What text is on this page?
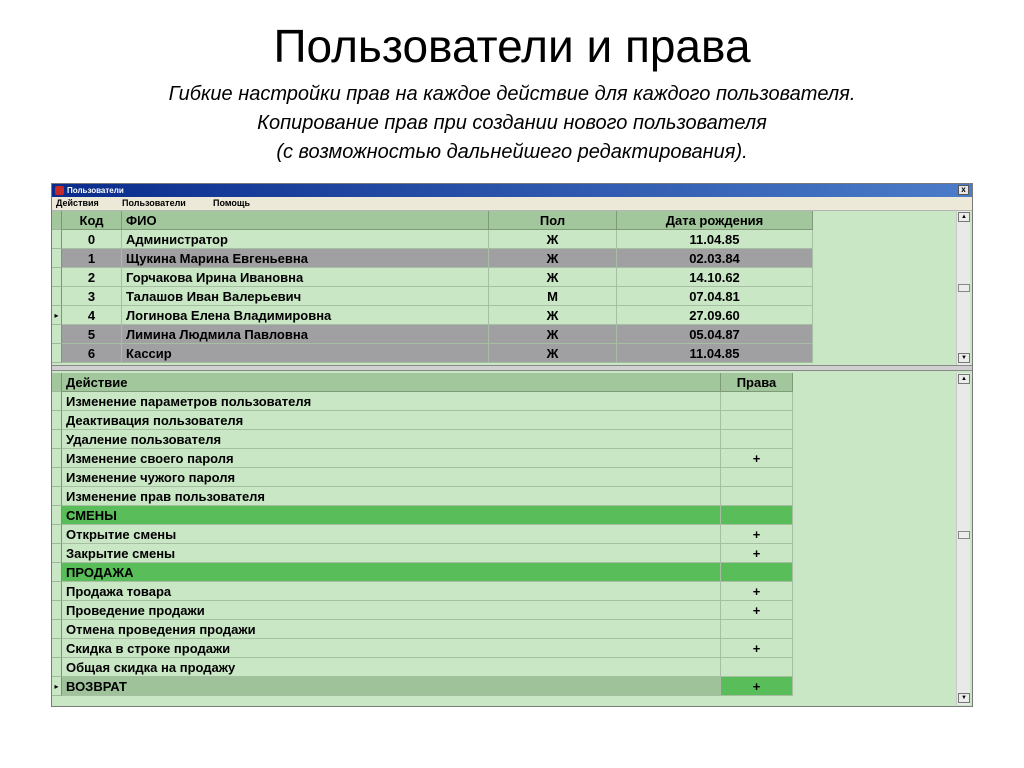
Пользователи и права
Гибкие настройки прав на каждое действие для каждого пользователя.
Копирование прав при создании нового пользователя
(с возможностью дальнейшего редактирования).
Пользователи	x
Действия	Пользователи	Помощь
Код	ФИО	Пол	Дата рождения
0	Администратор	Ж	11.04.85
1	Щукина Марина Евгеньевна	Ж	02.03.84
2	Горчакова Ирина Ивановна	Ж	14.10.62
3	Талашов Иван Валерьевич	М	07.04.81
▸	4	Логинова Елена Владимировна	Ж	27.09.60
5	Лимина Людмила Павловна	Ж	05.04.87
6	Кассир	Ж	11.04.85
▲
▼
Действие	Права
Изменение параметров пользователя
Деактивация пользователя
Удаление пользователя
Изменение своего пароля	+
Изменение чужого пароля
Изменение прав пользователя
СМЕНЫ
Открытие смены	+
Закрытие смены	+
ПРОДАЖА
Продажа товара	+
Проведение продажи	+
Отмена проведения продажи
Скидка в строке продажи	+
Общая скидка на продажу
▸ ВОЗВРАТ	+
▲
▼
